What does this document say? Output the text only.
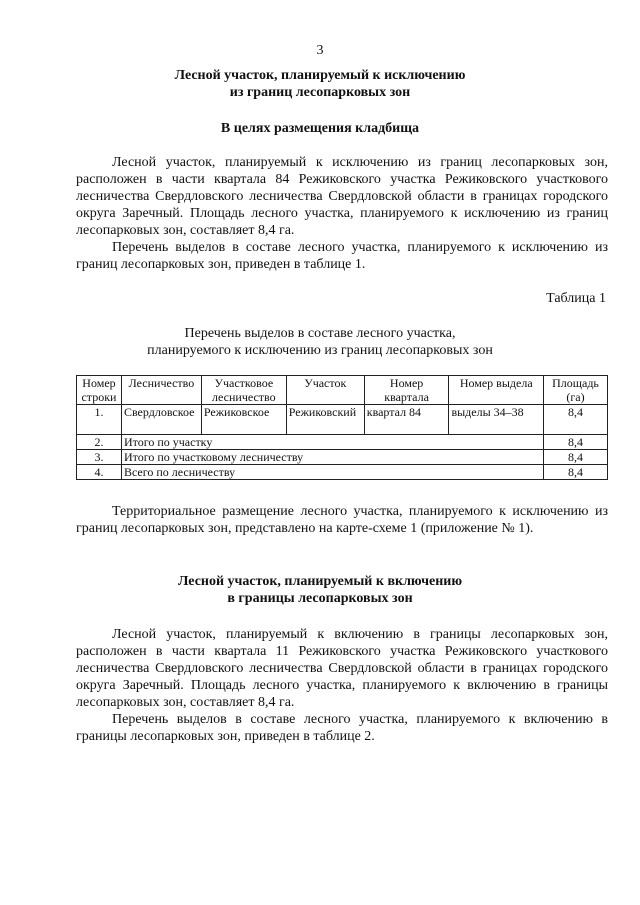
3
Лесной участок, планируемый к исключению
из границ лесопарковых зон
В целях размещения кладбища
Лесной участок, планируемый к исключению из границ лесопарковых зон, расположен в части квартала 84 Режиковского участка Режиковского участкового лесничества Свердловского лесничества Свердловской области в границах городского округа Заречный. Площадь лесного участка, планируемого к исключению из границ лесопарковых зон, составляет 8,4 га.
Перечень выделов в составе лесного участка, планируемого к исключению из границ лесопарковых зон, приведен в таблице 1.
Таблица 1
Перечень выделов в составе лесного участка,
планируемого к исключению из границ лесопарковых зон
Номер строки	Лесничество	Участковое лесничество	Участок	Номер квартала	Номер выдела	Площадь (га)
1.	Свердловское	Режиковское	Режиковский	квартал 84	выделы 34–38	8,4
2.	Итого по участку					8,4
3.	Итого по участковому лесничеству					8,4
4.	Всего по лесничеству					8,4
Территориальное размещение лесного участка, планируемого к исключению из границ лесопарковых зон, представлено на карте-схеме 1 (приложение № 1).
Лесной участок, планируемый к включению
в границы лесопарковых зон
Лесной участок, планируемый к включению в границы лесопарковых зон, расположен в части квартала 11 Режиковского участка Режиковского участкового лесничества Свердловского лесничества Свердловской области в границах городского округа Заречный. Площадь лесного участка, планируемого к включению в границы лесопарковых зон, составляет 8,4 га.
Перечень выделов в составе лесного участка, планируемого к включению в границы лесопарковых зон, приведен в таблице 2.
